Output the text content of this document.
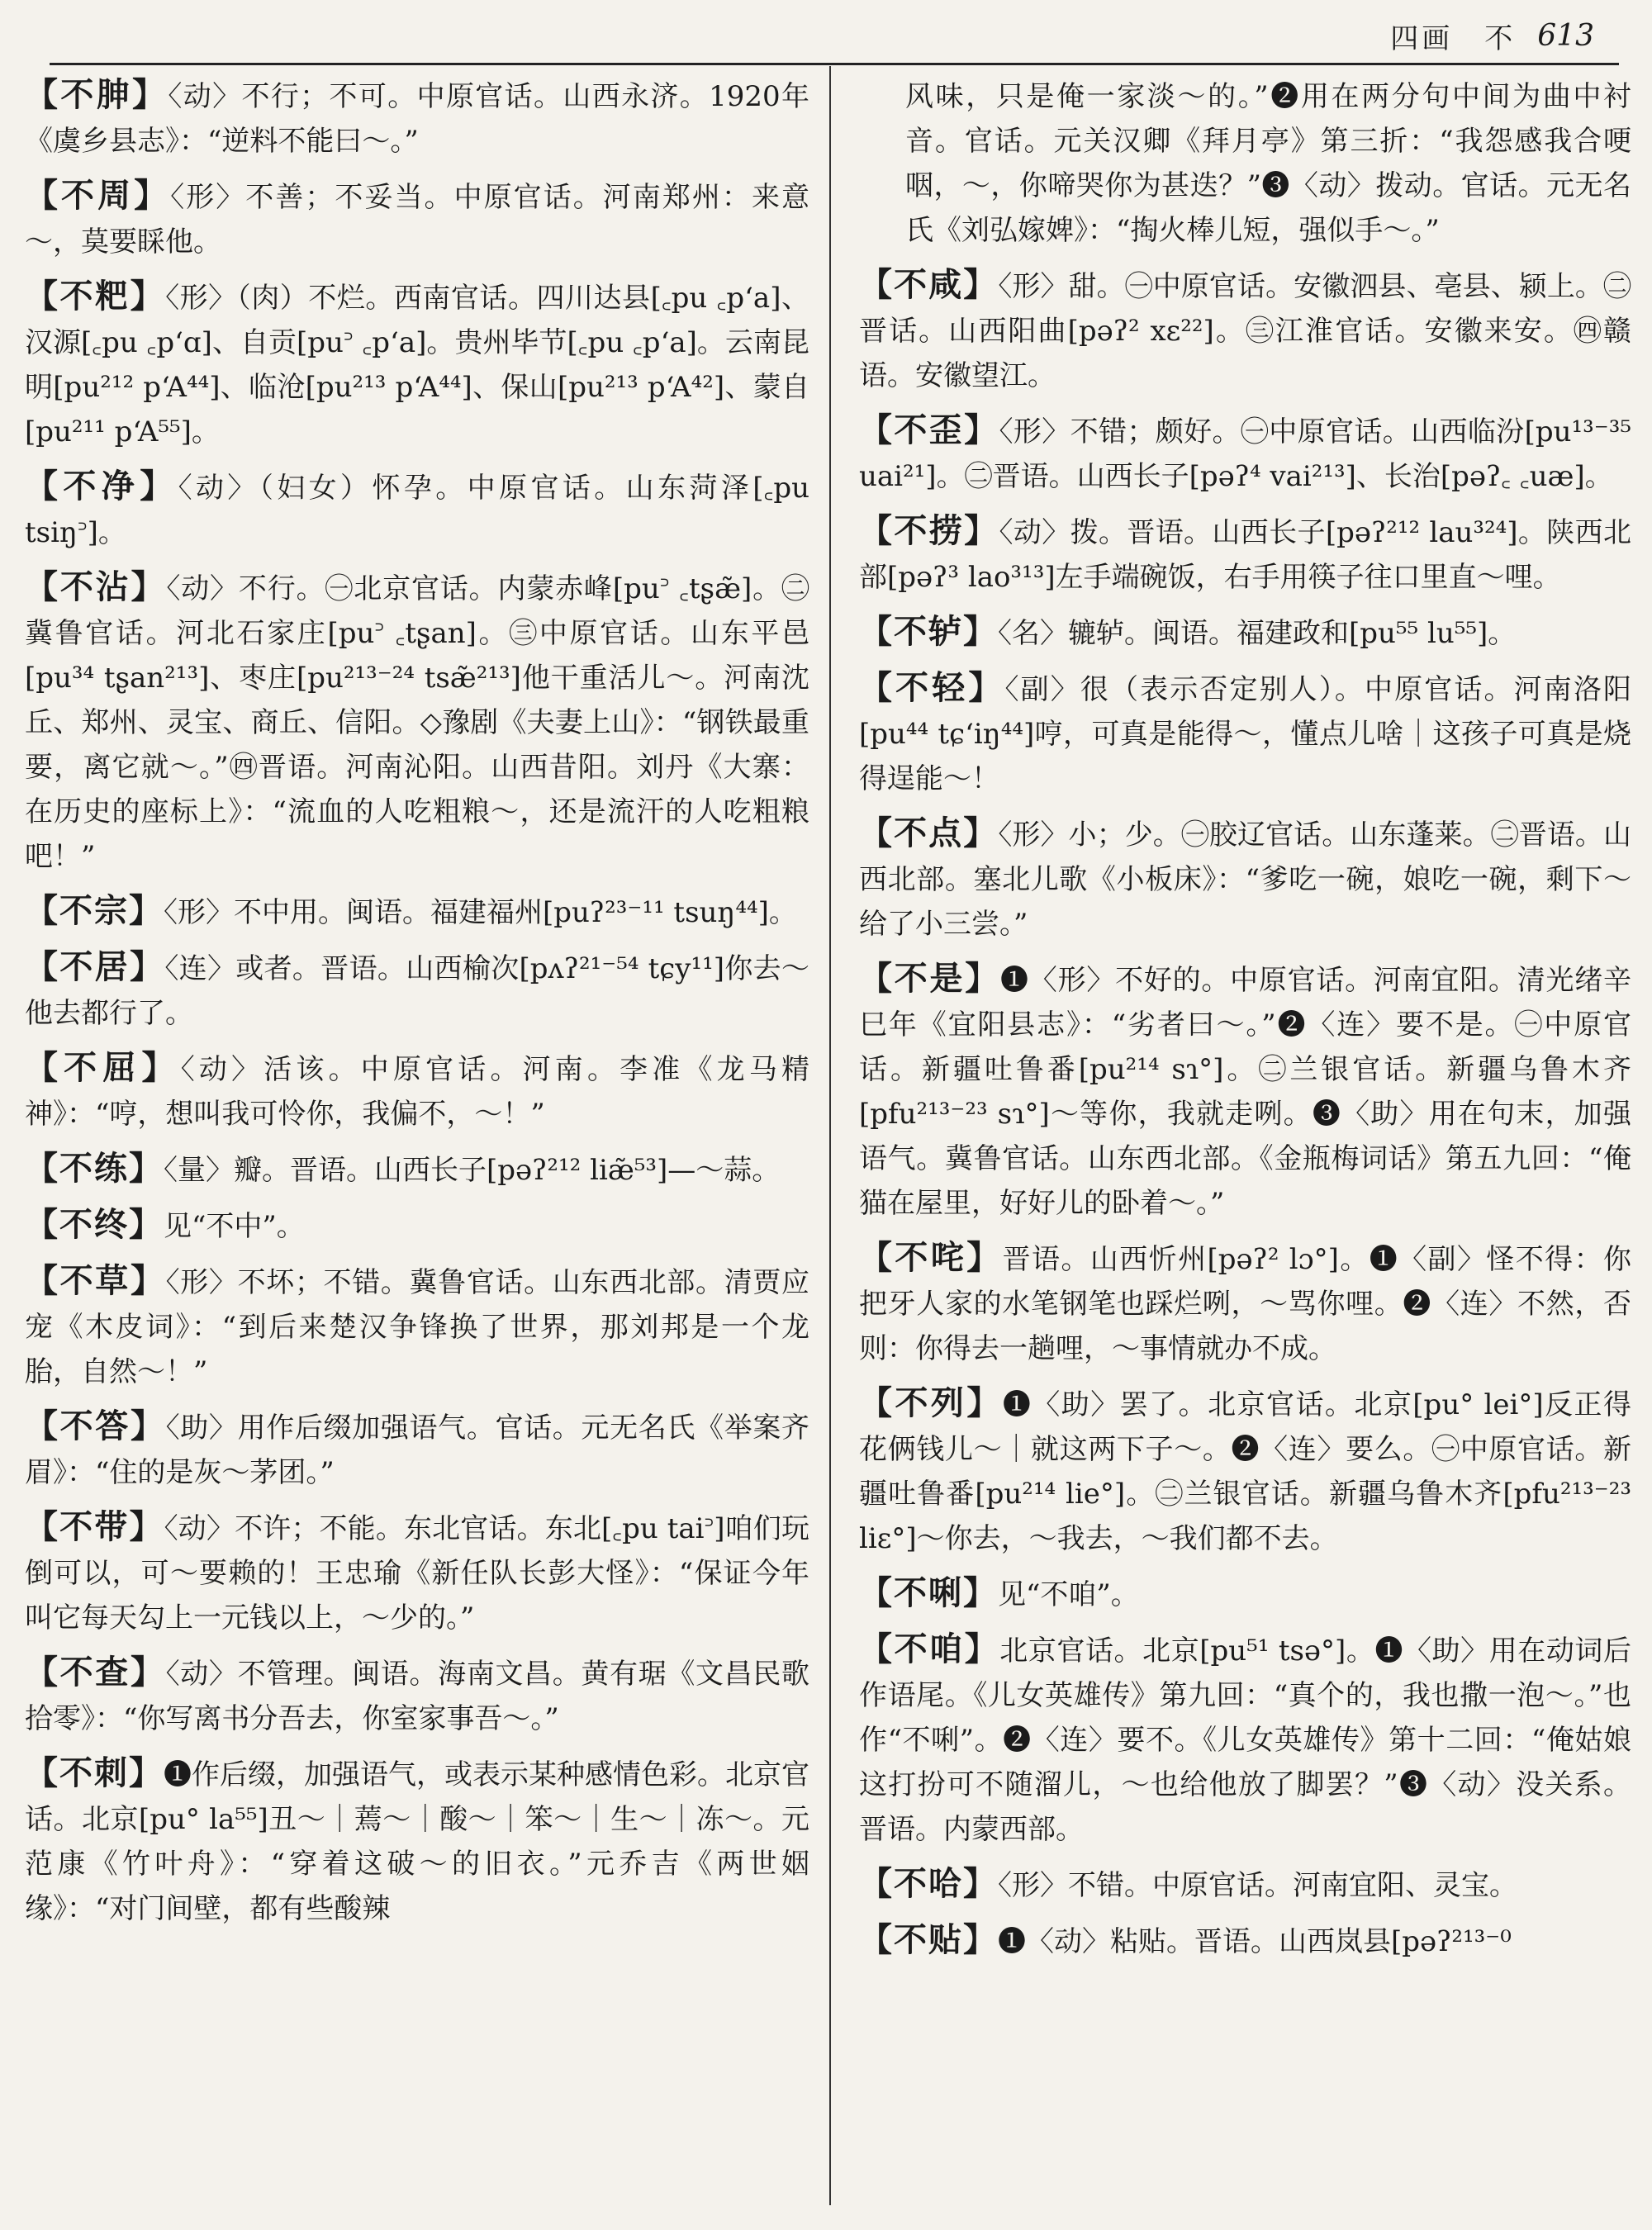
四画　不 613

【不胂】〈动〉不行；不可。中原官话。山西永济。1920年《虞乡县志》：“逆料不能曰～。”

【不周】〈形〉不善；不妥当。中原官话。河南郑州：来意～，莫要睬他。

【不粑】〈形〉（肉）不烂。西南官话。四川达县[꜀pu ꜀pʻa]、汉源[꜀pu ꜀pʻɑ]、自贡[pu꜄ ꜀pʻa]。贵州毕节[꜀pu ꜀pʻa]。云南昆明[pu²¹² pʻA⁴⁴]、临沧[pu²¹³ pʻA⁴⁴]、保山[pu²¹³ pʻA⁴²]、蒙自[pu²¹¹ pʻA⁵⁵]。

【不净】〈动〉（妇女）怀孕。中原官话。山东菏泽[꜀pu tsiŋ꜄]。

【不沾】〈动〉不行。㊀北京官话。内蒙赤峰[pu꜄ ꜀tʂæ̃]。㊁冀鲁官话。河北石家庄[pu꜄ ꜀tʂan]。㊂中原官话。山东平邑[pu³⁴ tʂan²¹³]、枣庄[pu²¹³⁻²⁴ tsæ̃²¹³]他干重活儿～。河南沈丘、郑州、灵宝、商丘、信阳。◇豫剧《夫妻上山》：“钢铁最重要，离它就～。”㊃晋语。河南沁阳。山西昔阳。刘丹《大寨：在历史的座标上》：“流血的人吃粗粮～，还是流汗的人吃粗粮吧！”

【不宗】〈形〉不中用。闽语。福建福州[puʔ²³⁻¹¹ tsuŋ⁴⁴]。

【不居】〈连〉或者。晋语。山西榆次[pʌʔ²¹⁻⁵⁴ tɕy¹¹]你去～他去都行了。

【不屈】〈动〉活该。中原官话。河南。李准《龙马精神》：“哼，想叫我可怜你，我偏不，～！”

【不练】〈量〉瓣。晋语。山西长子[pəʔ²¹² liæ̃⁵³]—～蒜。

【不终】见“不中”。

【不草】〈形〉不坏；不错。冀鲁官话。山东西北部。清贾应宠《木皮词》：“到后来楚汉争锋换了世界，那刘邦是一个龙胎，自然～！”

【不答】〈助〉用作后缀加强语气。官话。元无名氏《举案齐眉》：“住的是灰～茅团。”

【不带】〈动〉不许；不能。东北官话。东北[꜀pu tai꜄]咱们玩倒可以，可～要赖的！王忠瑜《新任队长彭大怪》：“保证今年叫它每天勾上一元钱以上，～少的。”

【不查】〈动〉不管理。闽语。海南文昌。黄有琚《文昌民歌拾零》：“你写离书分吾去，你室家事吾～。”

【不刺】❶作后缀，加强语气，或表示某种感情色彩。北京官话。北京[pu° la⁵⁵]丑～｜蔫～｜酸～｜笨～｜生～｜冻～。元范康《竹叶舟》：“穿着这破～的旧衣。”元乔吉《两世姻缘》：“对门间壁，都有些酸辣

风味，只是俺一家淡～的。”❷用在两分句中间为曲中衬音。官话。元关汉卿《拜月亭》第三折：“我怨感我合哽咽，～，你啼哭你为甚迭？”❸〈动〉拨动。官话。元无名氏《刘弘嫁婢》：“掏火棒儿短，强似手～。”

【不咸】〈形〉甜。㊀中原官话。安徽泗县、亳县、颍上。㊁晋话。山西阳曲[pəʔ² xɛ²²]。㊂江淮官话。安徽来安。㊃赣语。安徽望江。

【不歪】〈形〉不错；颇好。㊀中原官话。山西临汾[pu¹³⁻³⁵ uai²¹]。㊁晋语。山西长子[pəʔ⁴ vai²¹³]、长治[pəʔ꜀ ꜀uæ]。

【不捞】〈动〉拨。晋语。山西长子[pəʔ²¹² lau³²⁴]。陕西北部[pəʔ³ lao³¹³]左手端碗饭，右手用筷子往口里直～哩。

【不轳】〈名〉辘轳。闽语。福建政和[pu⁵⁵ lu⁵⁵]。

【不轻】〈副〉很（表示否定别人）。中原官话。河南洛阳[pu⁴⁴ tɕʻiŋ⁴⁴]哼，可真是能得～，懂点儿啥｜这孩子可真是烧得逞能～！

【不点】〈形〉小；少。㊀胶辽官话。山东蓬莱。㊁晋语。山西北部。塞北儿歌《小板床》：“爹吃一碗，娘吃一碗，剩下～给了小三尝。”

【不是】❶〈形〉不好的。中原官话。河南宜阳。清光绪辛巳年《宜阳县志》：“劣者曰～。”❷〈连〉要不是。㊀中原官话。新疆吐鲁番[pu²¹⁴ sɿ°]。㊁兰银官话。新疆乌鲁木齐[pfu²¹³⁻²³ sɿ°]～等你，我就走咧。❸〈助〉用在句末，加强语气。冀鲁官话。山东西北部。《金瓶梅词话》第五九回：“俺猫在屋里，好好儿的卧着～。”

【不咤】晋语。山西忻州[pəʔ² lɔ°]。❶〈副〉怪不得：你把牙人家的水笔钢笔也踩烂咧，～骂你哩。❷〈连〉不然，否则：你得去一趟哩，～事情就办不成。

【不列】❶〈助〉罢了。北京官话。北京[pu° lei°]反正得花俩钱儿～｜就这两下子～。❷〈连〉要么。㊀中原官话。新疆吐鲁番[pu²¹⁴ lie°]。㊁兰银官话。新疆乌鲁木齐[pfu²¹³⁻²³ liɛ°]～你去，～我去，～我们都不去。

【不唎】见“不咱”。

【不咱】北京官话。北京[pu⁵¹ tsə°]。❶〈助〉用在动词后作语尾。《儿女英雄传》第九回：“真个的，我也撒一泡～。”也作“不唎”。❷〈连〉要不。《儿女英雄传》第十二回：“俺姑娘这打扮可不随溜儿，～也给他放了脚罢？”❸〈动〉没关系。晋语。内蒙西部。

【不哈】〈形〉不错。中原官话。河南宜阳、灵宝。

【不贴】❶〈动〉粘贴。晋语。山西岚县[pəʔ²¹³⁻⁰
